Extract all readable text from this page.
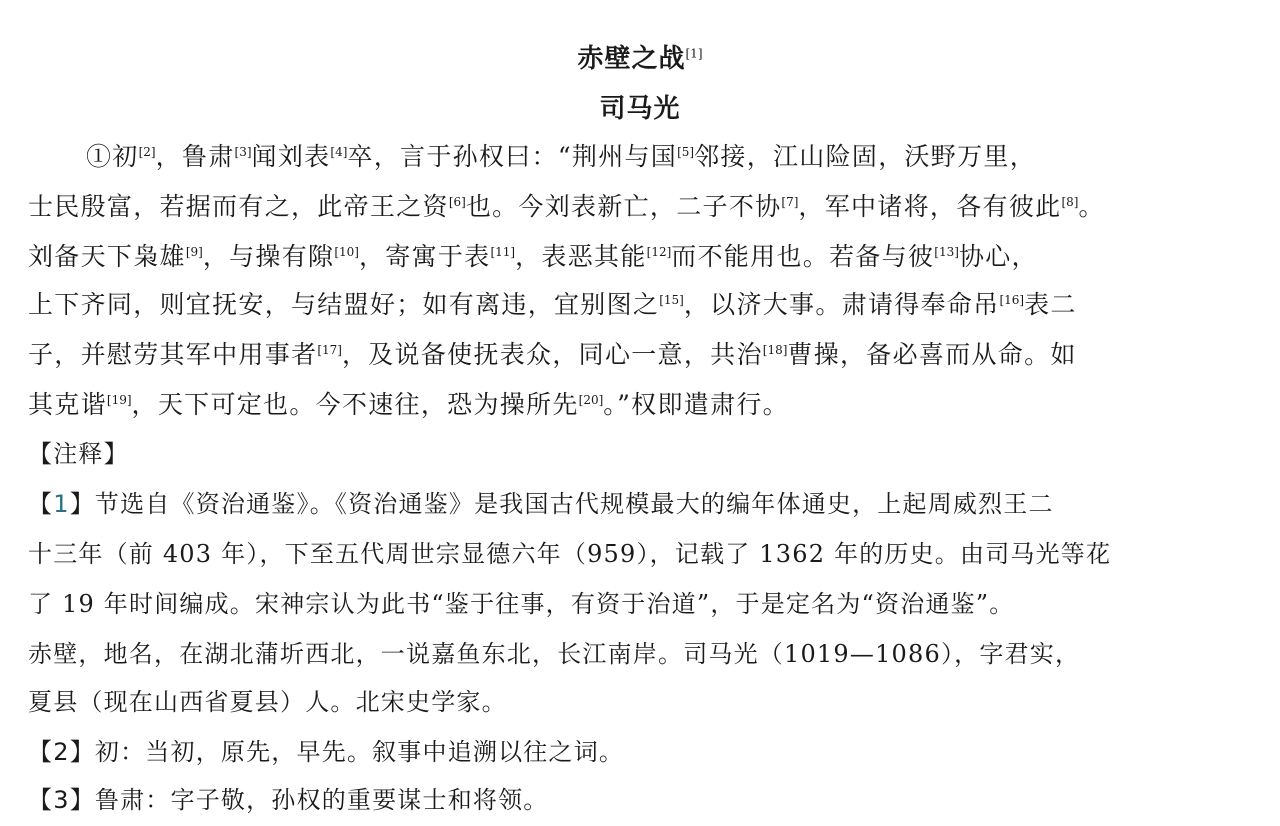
赤壁之战[1]
司马光
①初[2]，鲁肃[3]闻刘表[4]卒，言于孙权曰：“荆州与国[5]邻接，江山险固，沃野万里，
士民殷富，若据而有之，此帝王之资[6]也。今刘表新亡，二子不协[7]，军中诸将，各有彼此[8]。
刘备天下枭雄[9]，与操有隙[10]，寄寓于表[11]，表恶其能[12]而不能用也。若备与彼[13]协心，
上下齐同，则宜抚安，与结盟好；如有离违，宜别图之[15]，以济大事。肃请得奉命吊[16]表二
子，并慰劳其军中用事者[17]，及说备使抚表众，同心一意，共治[18]曹操，备必喜而从命。如
其克谐[19]，天下可定也。今不速往，恐为操所先[20]。”权即遣肃行。
【注释】
【1】节选自《资治通鉴》。《资治通鉴》是我国古代规模最大的编年体通史，上起周威烈王二
十三年（前 403 年），下至五代周世宗显德六年（959），记载了 1362 年的历史。由司马光等花
了 19 年时间编成。宋神宗认为此书“鉴于往事，有资于治道”，于是定名为“资治通鉴”。
赤壁，地名，在湖北蒲圻西北，一说嘉鱼东北，长江南岸。司马光（1019—1086），字君实，
夏县（现在山西省夏县）人。北宋史学家。
【2】初：当初，原先，早先。叙事中追溯以往之词。
【3】鲁肃：字子敬，孙权的重要谋士和将领。
